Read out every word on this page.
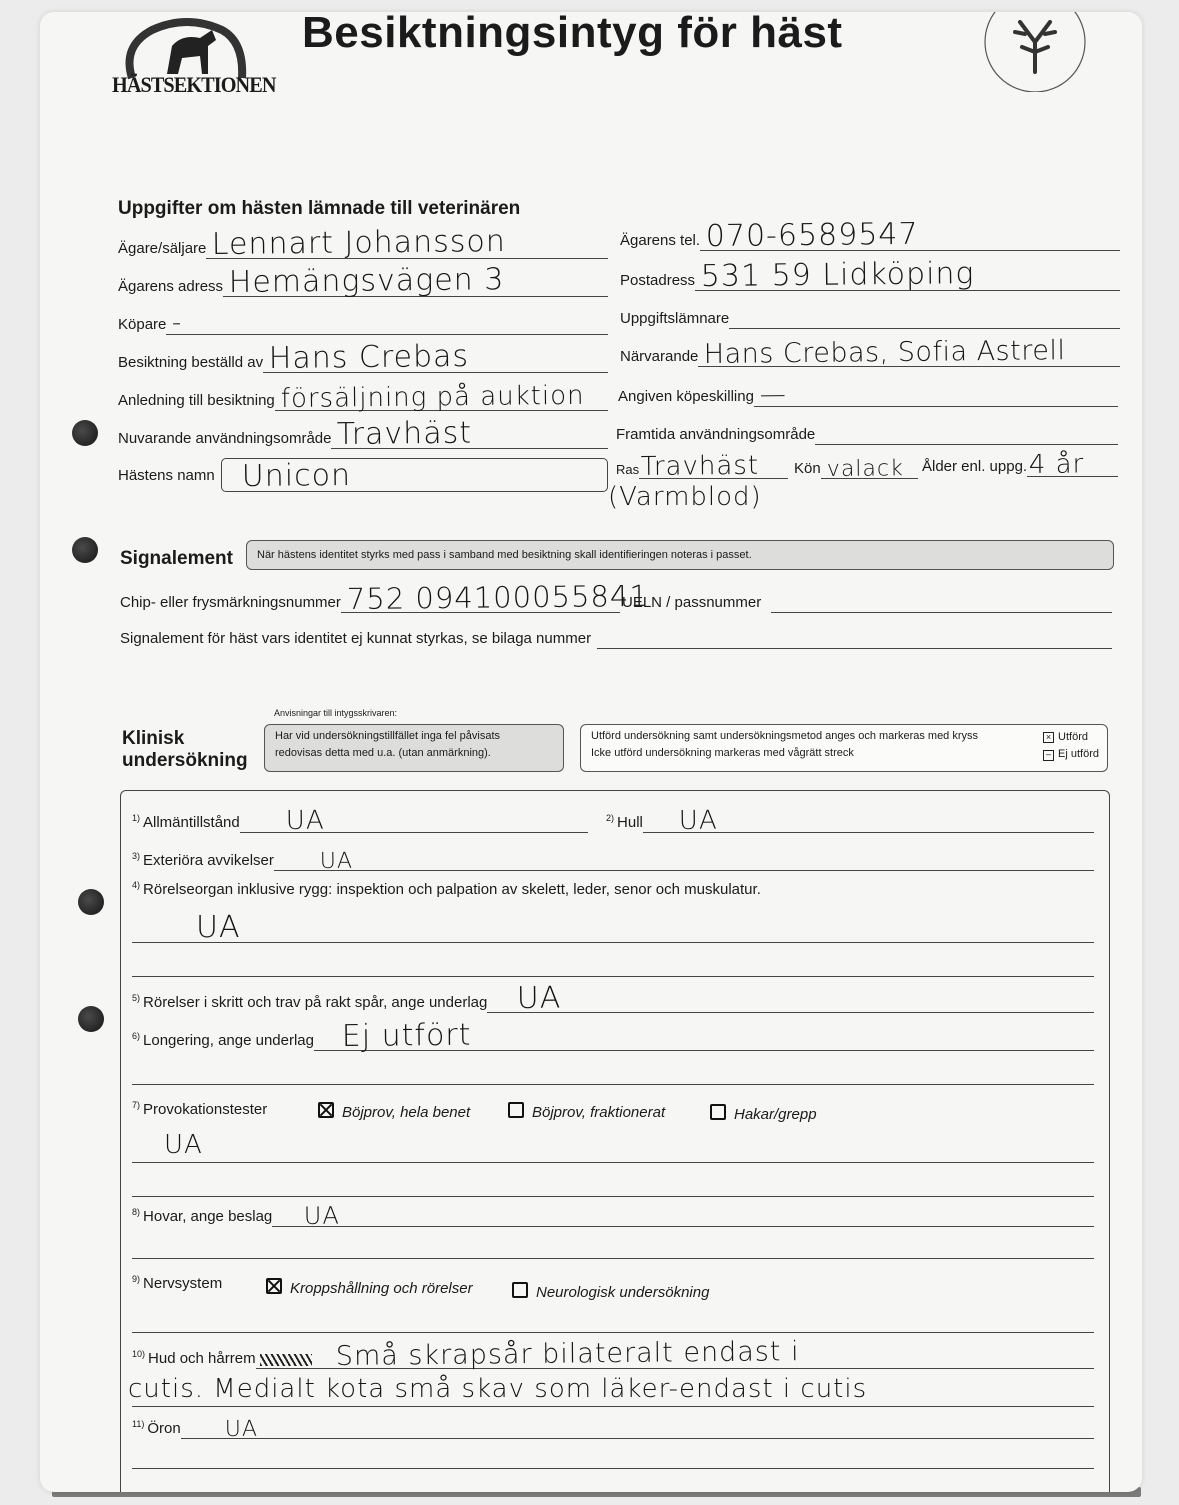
HÄSTSEKTIONEN
Besiktningsintyg för häst
Uppgifter om hästen lämnade till veterinären
Ägare/säljare Lennart Johansson	Ägarens tel. 070-6589547
Ägarens adress Hemängsvägen 3	Postadress 531 59 Lidköping
Köpare -	Uppgiftslämnare
Besiktning beställd av Hans Crebas	Närvarande Hans Crebas, Sofia Astrell
Anledning till besiktning försäljning på auktion Angiven köpeskilling —
Nuvarande användningsområde Travhäst	Framtida användningsområde
Hästens namn Unicon	Ras Travhäst
(Varmblod)
Kön valack Ålder enl. uppg. 4 år
Signalement	När hästens identitet styrks med pass i samband med besiktning skall identifieringen noteras i passet.
Chip- eller frysmärkningsnummer 752 094100055841
UELN / passnummer
Signalement för häst vars identitet ej kunnat styrkas, se bilaga nummer
Klinisk
undersökning
Anvisningar till intygsskrivaren:
Har vid undersökningstillfället inga fel påvisats
redovisas detta med u.a. (utan anmärkning).
Utförd undersökning samt undersökningsmetod anges och markeras med kryss
Icke utförd undersökning markeras med vågrätt streck
× Utförd
– Ej utförd
$^{1)}$ Allmäntillstånd UA	$^{2)}$ Hull UA
$^{3)}$ Exteriöra avvikelser UA
$^{4)}$ Rörelseorgan inklusive rygg: inspektion och palpation av skelett, leder, senor och muskulatur.
UA
$^{5)}$ Rörelser i skritt och trav på rakt spår, ange underlag UA
$^{6)}$ Longering, ange underlag Ej utfört
$^{7)}$ Provokationstester	Böjprov, hela benet	Böjprov, fraktionerat	Hakar/grepp
UA
$^{8)}$ Hovar, ange beslag UA
$^{9)}$ Nervsystem	Kroppshållning och rörelser	Neurologisk undersökning
$^{10)}$ Hud och hårrem	Små skrapsår bilateralt endast i
cutis. Medialt kota små skav som läker-endast i cutis
$^{11)}$ Öron UA
